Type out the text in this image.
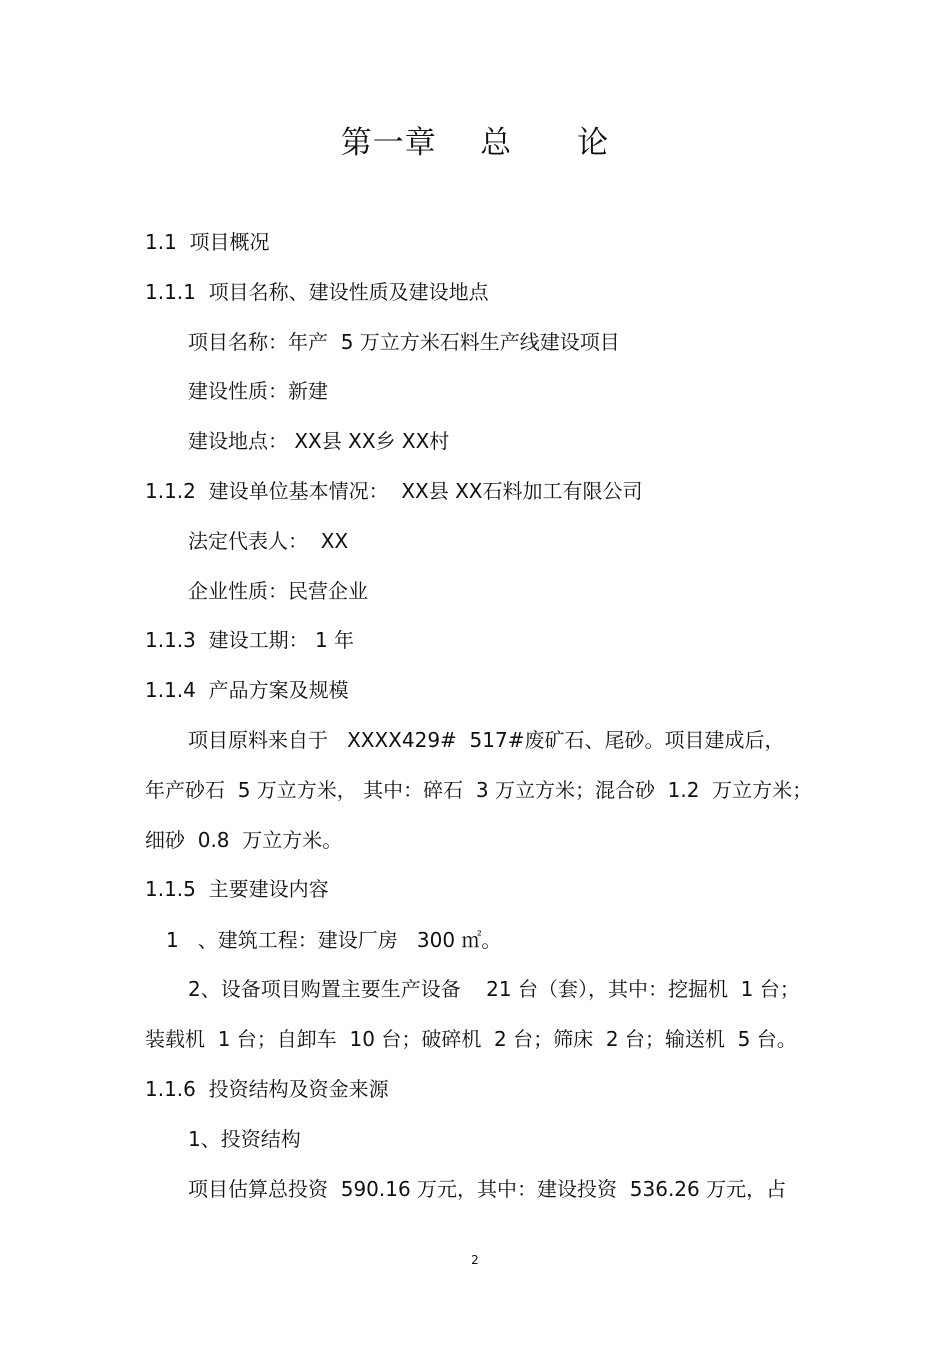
第一章    总      论
1.1  项目概况
1.1.1  项目名称、建设性质及建设地点
项目名称：年产  5 万立方米石料生产线建设项目
建设性质：新建
建设地点： XX县 XX乡 XX村
1.1.2  建设单位基本情况：  XX县 XX石料加工有限公司
法定代表人：  XX
企业性质：民营企业
1.1.3  建设工期： 1 年
1.1.4  产品方案及规模
项目原料来自于   XXXX429#  517#废矿石、尾砂。项目建成后，
年产砂石  5 万立方米， 其中：碎石  3 万立方米；混合砂  1.2  万立方米；
细砂  0.8  万立方米。
1.1.5  主要建设内容
1   、建筑工程：建设厂房   300 ㎡。
2、设备项目购置主要生产设备    21 台（套），其中：挖掘机  1 台；
装载机  1 台；自卸车  10 台；破碎机  2 台；筛床  2 台；输送机  5 台。
1.1.6  投资结构及资金来源
1、投资结构
项目估算总投资  590.16 万元，其中：建设投资  536.26 万元，占
2
